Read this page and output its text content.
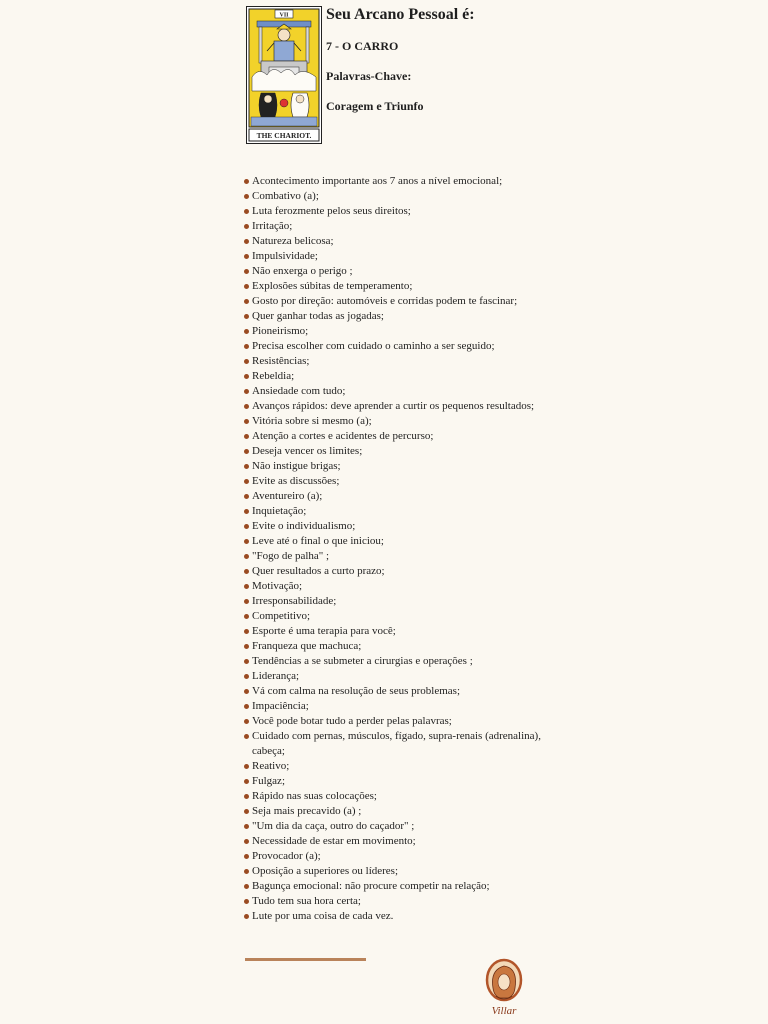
VII
THE CHARIOT.

Seu Arcano Pessoal é:

7 - O CARRO

Palavras-Chave:

Coragem e Triunfo

Acontecimento importante aos 7 anos a nível emocional;
Combativo (a);
Luta ferozmente pelos seus direitos;
Irritação;
Natureza belicosa;
Impulsividade;
Não enxerga o perigo ;
Explosões súbitas de temperamento;
Gosto por direção: automóveis e corridas podem te fascinar;
Quer ganhar todas as jogadas;
Pioneirismo;
Precisa escolher com cuidado o caminho a ser seguido;
Resistências;
Rebeldia;
Ansiedade com tudo;
Avanços rápidos: deve aprender a curtir os pequenos resultados;
Vitória sobre si mesmo (a);
Atenção a cortes e acidentes de percurso;
Deseja vencer os limites;
Não instigue brigas;
Evite as discussões;
Aventureiro (a);
Inquietação;
Evite o individualismo;
Leve até o final o que iniciou;
"Fogo de palha" ;
Quer resultados a curto prazo;
Motivação;
Irresponsabilidade;
Competitivo;
Esporte é uma terapia para você;
Franqueza que machuca;
Tendências a se submeter a cirurgias e operações ;
Liderança;
Vá com calma na resolução de seus problemas;
Impaciência;
Você pode botar tudo a perder pelas palavras;
Cuidado com pernas, músculos, fígado, supra-renais (adrenalina), cabeça;
Reativo;
Fulgaz;
Rápido nas suas colocações;
Seja mais precavido (a) ;
"Um dia da caça, outro do caçador" ;
Necessidade de estar em movimento;
Provocador (a);
Oposição a superiores ou líderes;
Bagunça emocional: não procure competir na relação;
Tudo tem sua hora certa;
Lute por uma coisa de cada vez.
Villar
